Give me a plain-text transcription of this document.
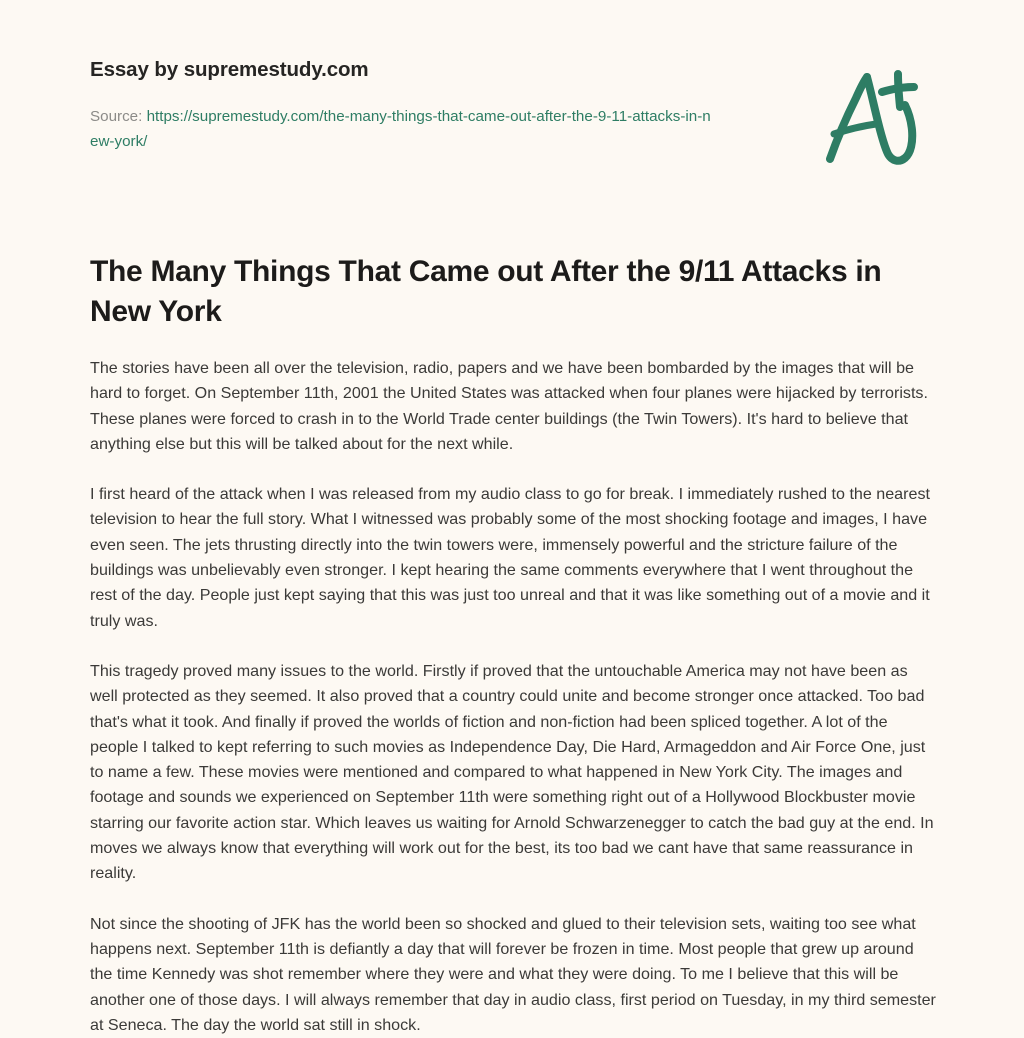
Essay by supremestudy.com
Source: https://supremestudy.com/the-many-things-that-came-out-after-the-9-11-attacks-in-new-york/
The Many Things That Came out After the 9/11 Attacks in New York

The stories have been all over the television, radio, papers and we have been bombarded by the images that will be hard to forget. On September 11th, 2001 the United States was attacked when four planes were hijacked by terrorists. These planes were forced to crash in to the World Trade center buildings (the Twin Towers). It's hard to believe that anything else but this will be talked about for the next while.

I first heard of the attack when I was released from my audio class to go for break. I immediately rushed to the nearest television to hear the full story. What I witnessed was probably some of the most shocking footage and images, I have even seen. The jets thrusting directly into the twin towers were, immensely powerful and the stricture failure of the buildings was unbelievably even stronger. I kept hearing the same comments everywhere that I went throughout the rest of the day. People just kept saying that this was just too unreal and that it was like something out of a movie and it truly was.

This tragedy proved many issues to the world. Firstly if proved that the untouchable America may not have been as well protected as they seemed. It also proved that a country could unite and become stronger once attacked. Too bad that's what it took. And finally if proved the worlds of fiction and non-fiction had been spliced together. A lot of the people I talked to kept referring to such movies as Independence Day, Die Hard, Armageddon and Air Force One, just to name a few. These movies were mentioned and compared to what happened in New York City. The images and footage and sounds we experienced on September 11th were something right out of a Hollywood Blockbuster movie starring our favorite action star. Which leaves us waiting for Arnold Schwarzenegger to catch the bad guy at the end. In moves we always know that everything will work out for the best, its too bad we cant have that same reassurance in reality.

Not since the shooting of JFK has the world been so shocked and glued to their television sets, waiting too see what happens next. September 11th is defiantly a day that will forever be frozen in time. Most people that grew up around the time Kennedy was shot remember where they were and what they were doing. To me I believe that this will be another one of those days. I will always remember that day in audio class, first period on Tuesday, in my third semester at Seneca. The day the world sat still in shock.
